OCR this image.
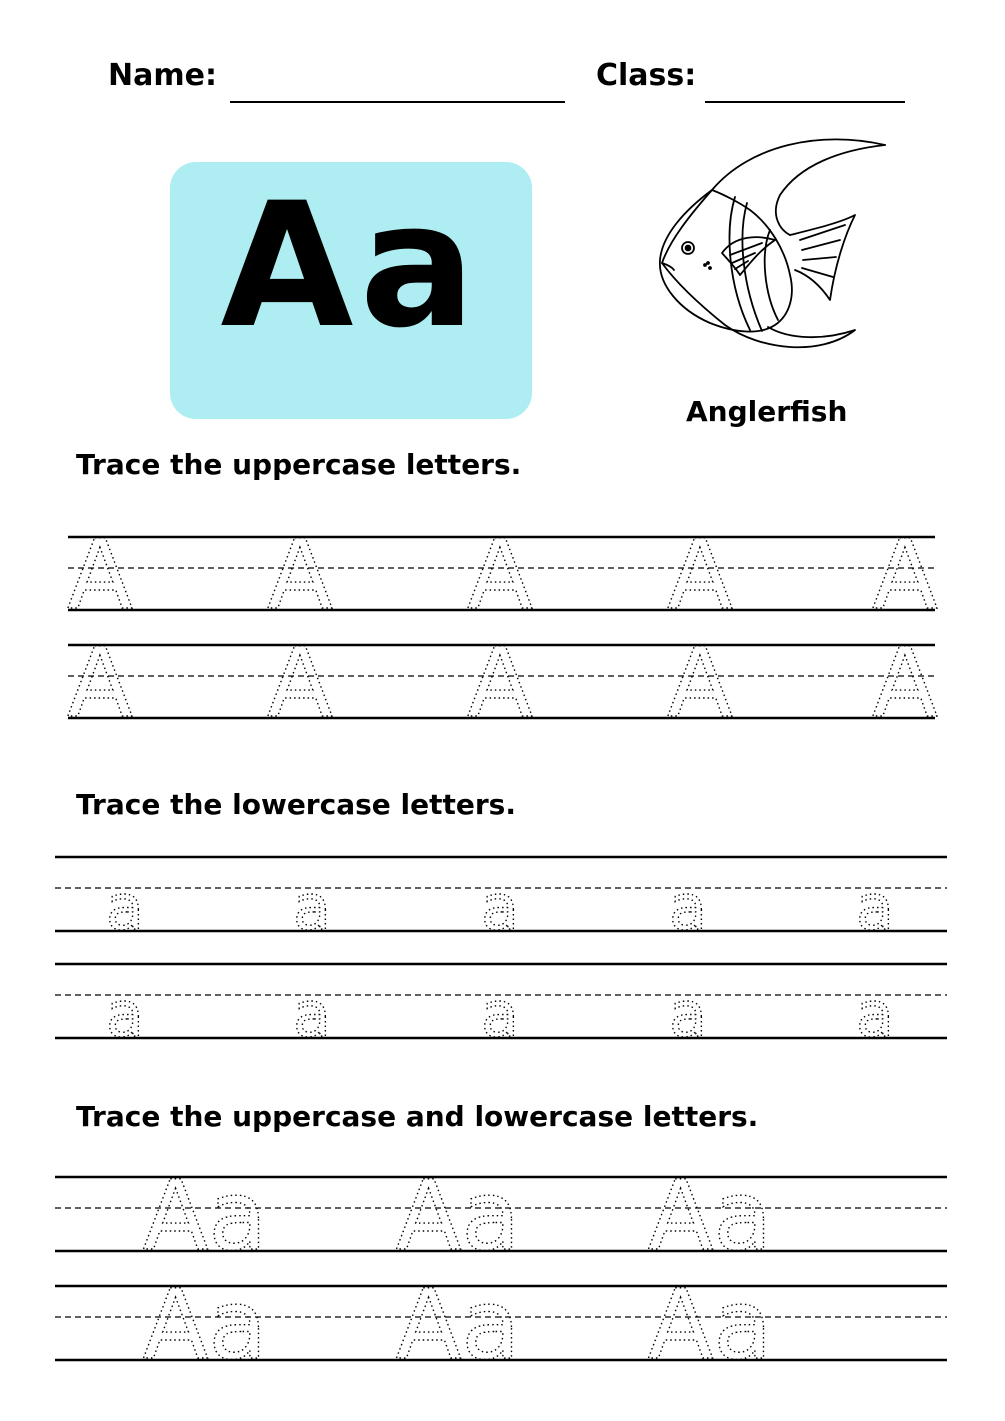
Name:	Class:
Aa
Anglerfish
Trace the uppercase letters.
Trace the lowercase letters.
Trace the uppercase and lowercase letters.
A A A A A
A A A A A
a a a a a
a a a a a
Aa Aa Aa
Aa Aa Aa
